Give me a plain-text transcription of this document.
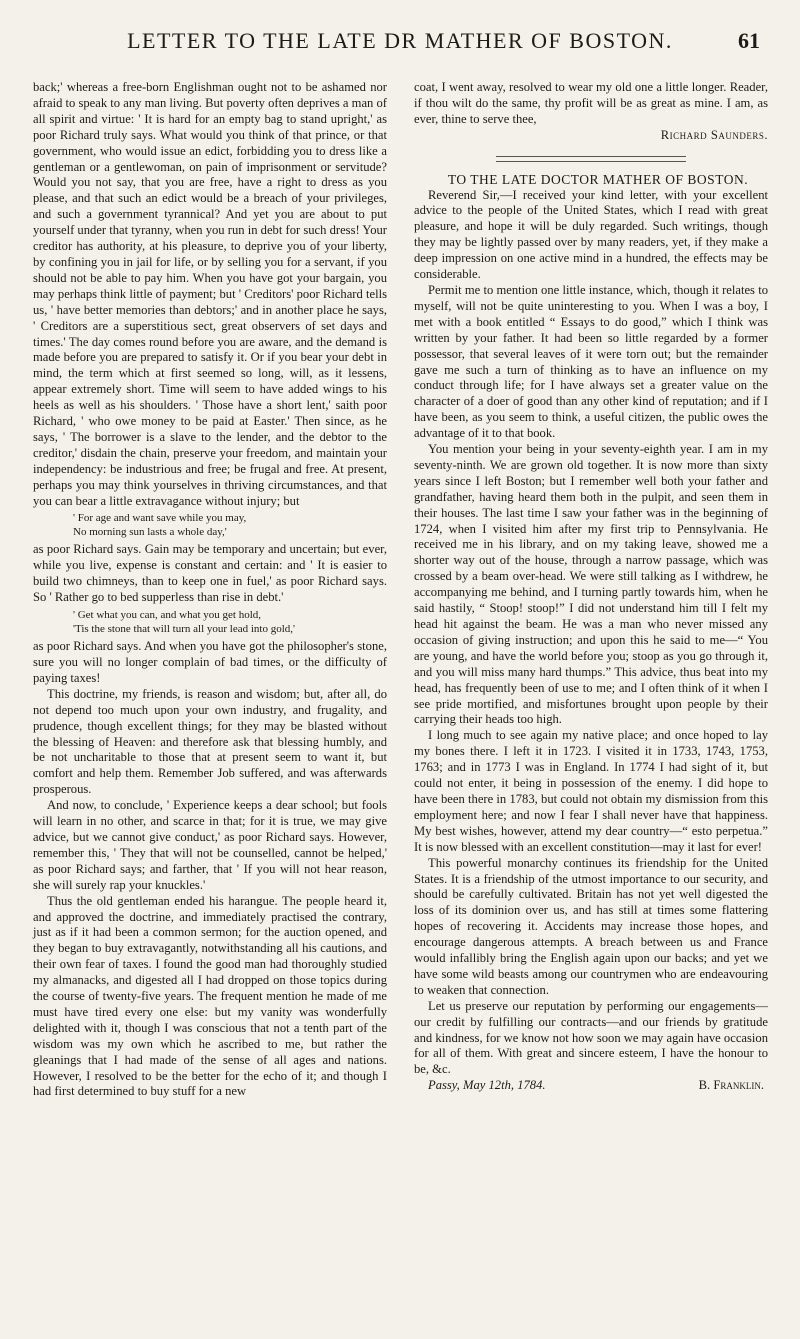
LETTER TO THE LATE DR MATHER OF BOSTON.	61

back;' whereas a free-born Englishman ought not to be ashamed nor afraid to speak to any man living. But poverty often deprives a man of all spirit and virtue: ' It is hard for an empty bag to stand upright,' as poor Richard truly says. What would you think of that prince, or that government, who would issue an edict, forbidding you to dress like a gentleman or a gentlewoman, on pain of imprisonment or servitude? Would you not say, that you are free, have a right to dress as you please, and that such an edict would be a breach of your privileges, and such a government tyrannical? And yet you are about to put yourself under that tyranny, when you run in debt for such dress! Your creditor has authority, at his pleasure, to deprive you of your liberty, by confining you in jail for life, or by selling you for a servant, if you should not be able to pay him. When you have got your bargain, you may perhaps think little of payment; but ' Creditors' poor Richard tells us, ' have better memories than debtors;' and in another place he says, ' Creditors are a superstitious sect, great observers of set days and times.' The day comes round before you are aware, and the demand is made before you are prepared to satisfy it. Or if you bear your debt in mind, the term which at first seemed so long, will, as it lessens, appear extremely short. Time will seem to have added wings to his heels as well as his shoulders. ' Those have a short lent,' saith poor Richard, ' who owe money to be paid at Easter.' Then since, as he says, ' The borrower is a slave to the lender, and the debtor to the creditor,' disdain the chain, preserve your freedom, and maintain your independency: be industrious and free; be frugal and free. At present, perhaps you may think yourselves in thriving circumstances, and that you can bear a little extravagance without injury; but

' For age and want save while you may,
No morning sun lasts a whole day,'

as poor Richard says. Gain may be temporary and uncertain; but ever, while you live, expense is constant and certain: and ' It is easier to build two chimneys, than to keep one in fuel,' as poor Richard says. So ' Rather go to bed supperless than rise in debt.'

' Get what you can, and what you get hold,
'Tis the stone that will turn all your lead into gold,'

as poor Richard says. And when you have got the philosopher's stone, sure you will no longer complain of bad times, or the difficulty of paying taxes!

This doctrine, my friends, is reason and wisdom; but, after all, do not depend too much upon your own industry, and frugality, and prudence, though excellent things; for they may be blasted without the blessing of Heaven: and therefore ask that blessing humbly, and be not uncharitable to those that at present seem to want it, but comfort and help them. Remember Job suffered, and was afterwards prosperous.

And now, to conclude, ' Experience keeps a dear school; but fools will learn in no other, and scarce in that; for it is true, we may give advice, but we cannot give conduct,' as poor Richard says. However, remember this, ' They that will not be counselled, cannot be helped,' as poor Richard says; and farther, that ' If you will not hear reason, she will surely rap your knuckles.'

Thus the old gentleman ended his harangue. The people heard it, and approved the doctrine, and immediately practised the contrary, just as if it had been a common sermon; for the auction opened, and they began to buy extravagantly, notwithstanding all his cautions, and their own fear of taxes. I found the good man had thoroughly studied my almanacks, and digested all I had dropped on those topics during the course of twenty-five years. The frequent mention he made of me must have tired every one else: but my vanity was wonderfully delighted with it, though I was conscious that not a tenth part of the wisdom was my own which he ascribed to me, but rather the gleanings that I had made of the sense of all ages and nations. However, I resolved to be the better for the echo of it; and though I had first determined to buy stuff for a new

coat, I went away, resolved to wear my old one a little longer. Reader, if thou wilt do the same, thy profit will be as great as mine. I am, as ever, thine to serve thee,

Richard Saunders.

TO THE LATE DOCTOR MATHER OF BOSTON.

Reverend Sir,—I received your kind letter, with your excellent advice to the people of the United States, which I read with great pleasure, and hope it will be duly regarded. Such writings, though they may be lightly passed over by many readers, yet, if they make a deep impression on one active mind in a hundred, the effects may be considerable.

Permit me to mention one little instance, which, though it relates to myself, will not be quite uninteresting to you. When I was a boy, I met with a book entitled “ Essays to do good,” which I think was written by your father. It had been so little regarded by a former possessor, that several leaves of it were torn out; but the remainder gave me such a turn of thinking as to have an influence on my conduct through life; for I have always set a greater value on the character of a doer of good than any other kind of reputation; and if I have been, as you seem to think, a useful citizen, the public owes the advantage of it to that book.

You mention your being in your seventy-eighth year. I am in my seventy-ninth. We are grown old together. It is now more than sixty years since I left Boston; but I remember well both your father and grandfather, having heard them both in the pulpit, and seen them in their houses. The last time I saw your father was in the beginning of 1724, when I visited him after my first trip to Pennsylvania. He received me in his library, and on my taking leave, showed me a shorter way out of the house, through a narrow passage, which was crossed by a beam over-head. We were still talking as I withdrew, he accompanying me behind, and I turning partly towards him, when he said hastily, “ Stoop! stoop!” I did not understand him till I felt my head hit against the beam. He was a man who never missed any occasion of giving instruction; and upon this he said to me—“ You are young, and have the world before you; stoop as you go through it, and you will miss many hard thumps.” This advice, thus beat into my head, has frequently been of use to me; and I often think of it when I see pride mortified, and misfortunes brought upon people by their carrying their heads too high.

I long much to see again my native place; and once hoped to lay my bones there. I left it in 1723. I visited it in 1733, 1743, 1753, 1763; and in 1773 I was in England. In 1774 I had sight of it, but could not enter, it being in possession of the enemy. I did hope to have been there in 1783, but could not obtain my dismission from this employment here; and now I fear I shall never have that happiness. My best wishes, however, attend my dear country—“ esto perpetua.” It is now blessed with an excellent constitution—may it last for ever!

This powerful monarchy continues its friendship for the United States. It is a friendship of the utmost importance to our security, and should be carefully cultivated. Britain has not yet well digested the loss of its dominion over us, and has still at times some flattering hopes of recovering it. Accidents may increase those hopes, and encourage dangerous attempts. A breach between us and France would infallibly bring the English again upon our backs; and yet we have some wild beasts among our countrymen who are endeavouring to weaken that connection.

Let us preserve our reputation by performing our engagements—our credit by fulfilling our contracts—and our friends by gratitude and kindness, for we know not how soon we may again have occasion for all of them. With great and sincere esteem, I have the honour to be, &c.

B. Franklin.
Passy, May 12th, 1784.
